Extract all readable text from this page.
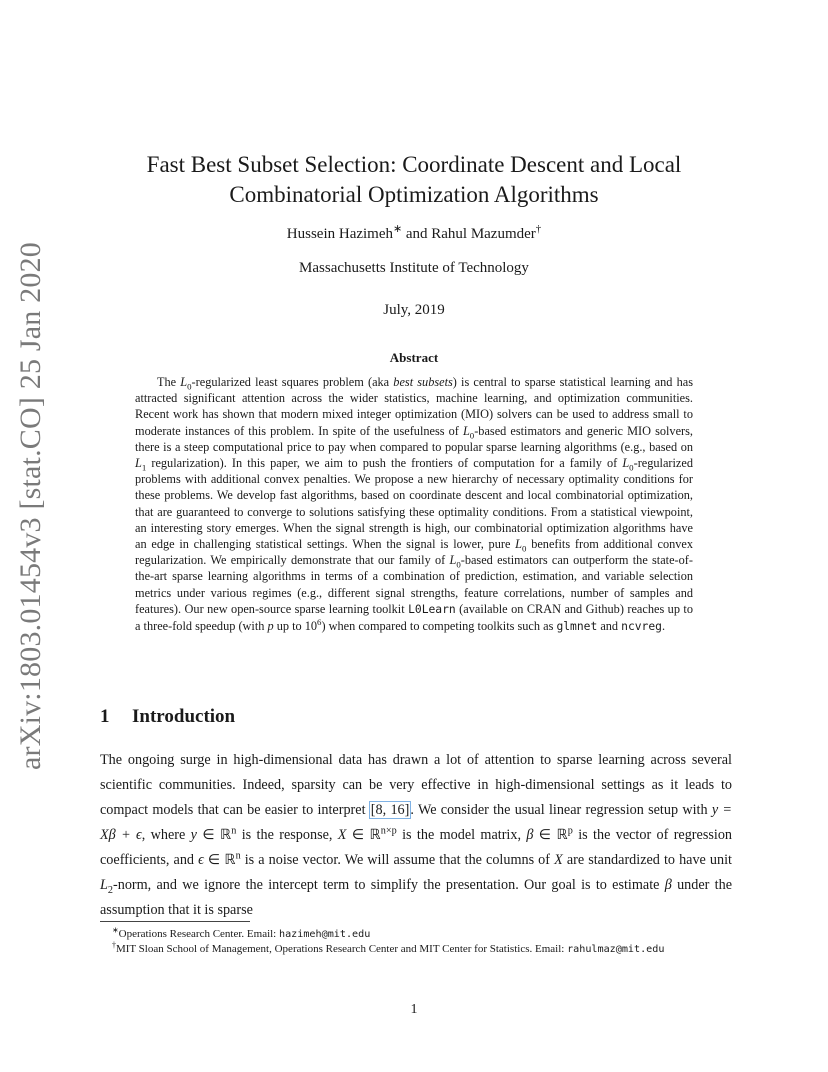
arXiv:1803.01454v3 [stat.CO] 25 Jan 2020
Fast Best Subset Selection: Coordinate Descent and Local
Combinatorial Optimization Algorithms
Hussein Hazimeh∗ and Rahul Mazumder†
Massachusetts Institute of Technology
July, 2019
Abstract

The $L_0$-regularized least squares problem (aka best subsets) is central to sparse statistical learning and has attracted significant attention across the wider statistics, machine learning, and optimization communities. Recent work has shown that modern mixed integer optimization (MIO) solvers can be used to address small to moderate instances of this problem. In spite of the usefulness of $L_0$-based estimators and generic MIO solvers, there is a steep computational price to pay when compared to popular sparse learning algorithms (e.g., based on $L_1$ regularization). In this paper, we aim to push the frontiers of computation for a family of $L_0$-regularized problems with additional convex penalties. We propose a new hierarchy of necessary optimality conditions for these problems. We develop fast algorithms, based on coordinate descent and local combinatorial optimization, that are guaranteed to converge to solutions satisfying these optimality conditions. From a statistical viewpoint, an interesting story emerges. When the signal strength is high, our combinatorial optimization algorithms have an edge in challenging statistical settings. When the signal is lower, pure $L_0$ benefits from additional convex regularization. We empirically demonstrate that our family of $L_0$-based estimators can outperform the state-of-the-art sparse learning algorithms in terms of a combination of prediction, estimation, and variable selection metrics under various regimes (e.g., different signal strengths, feature correlations, number of samples and features). Our new open-source sparse learning toolkit L0Learn (available on CRAN and Github) reaches up to a three-fold speedup (with p up to $10^6$) when compared to competing toolkits such as glmnet and ncvreg.

1 Introduction

The ongoing surge in high-dimensional data has drawn a lot of attention to sparse learning across several scientific communities. Indeed, sparsity can be very effective in high-dimensional settings as it leads to compact models that can be easier to interpret [8, 16]. We consider the usual linear regression setup with y = Xβ + ϵ, where y ∈ ℝ$^n$ is the response, X ∈ ℝ$^{n\times p}$ is the model matrix, β ∈ ℝ$^p$ is the vector of regression coefficients, and ϵ ∈ ℝ$^n$ is a noise vector. We will assume that the columns of X are standardized to have unit $L_2$-norm, and we ignore the intercept term to simplify the presentation. Our goal is to estimate β under the assumption that it is sparse

∗Operations Research Center. Email: hazimeh@mit.edu

†MIT Sloan School of Management, Operations Research Center and MIT Center for Statistics. Email: rahulmaz@mit.edu

1
